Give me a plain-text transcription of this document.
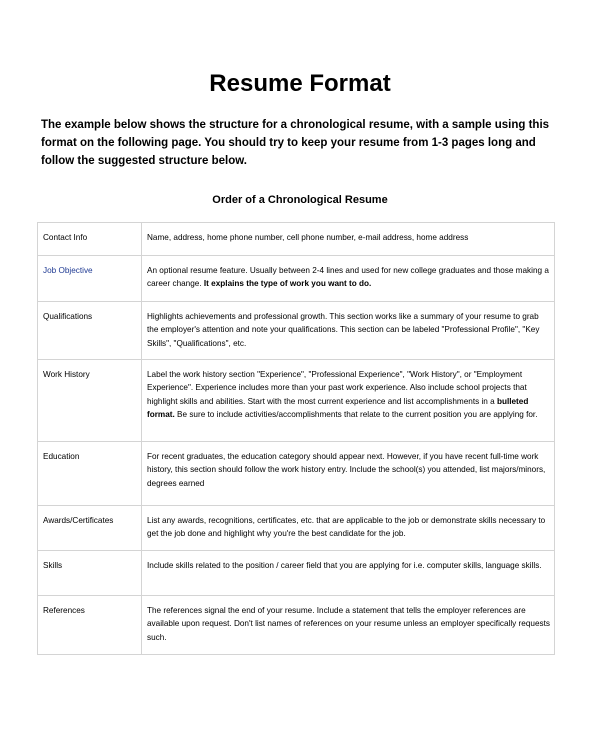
Resume Format

The example below shows the structure for a chronological resume, with a sample using this format on the following page. You should try to keep your resume from 1-3 pages long and follow the suggested structure below.

Order of a Chronological Resume

Contact Info	Name, address, home phone number, cell phone number, e-mail address, home address
Job Objective	An optional resume feature. Usually between 2-4 lines and used for new college graduates and those making a career change. It explains the type of work you want to do.
Qualifications	Highlights achievements and professional growth. This section works like a summary of your resume to grab the employer's attention and note your qualifications. This section can be labeled "Professional Profile", "Key Skills", "Qualifications", etc.
Work History	Label the work history section "Experience", "Professional Experience", "Work History", or "Employment Experience". Experience includes more than your past work experience. Also include school projects that highlight skills and abilities. Start with the most current experience and list accomplishments in a bulleted format. Be sure to include activities/accomplishments that relate to the current position you are applying for.
Education	For recent graduates, the education category should appear next. However, if you have recent full-time work history, this section should follow the work history entry. Include the school(s) you attended, list majors/minors, degrees earned
Awards/Certificates	List any awards, recognitions, certificates, etc. that are applicable to the job or demonstrate skills necessary to get the job done and highlight why you're the best candidate for the job.
Skills	Include skills related to the position / career field that you are applying for i.e. computer skills, language skills.
References	The references signal the end of your resume. Include a statement that tells the employer references are available upon request. Don't list names of references on your resume unless an employer specifically requests such.
